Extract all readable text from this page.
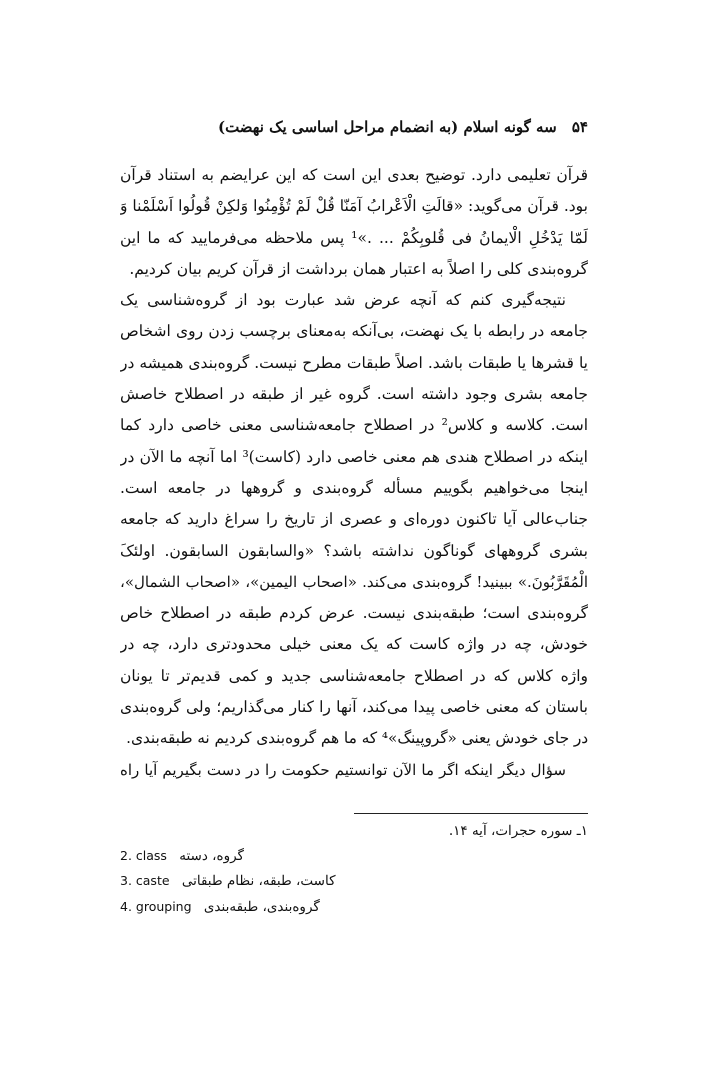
۵۴ سه گونه اسلام (به انضمام مراحل اساسی یک نهضت)
قرآن تعلیمی دارد. توضیح بعدی این است که این عرایضم به استناد قرآن
بود. قرآن می‌گوید: «قالَتِ الْاَعْرابُ آمَنّا قُلْ لَمْ تُؤْمِنُوا وَلکِنْ قُولُوا اَسْلَمْنا وَ
لَمّا یَدْخُلِ الْایمانُ فی قُلوبِکُمْ ... .»¹ پس ملاحظه می‌فرمایید که ما این
گروه‌بندی کلی را اصلاً به اعتبار همان برداشت از قرآن کریم بیان کردیم.
نتیجه‌گیری کنم که آنچه عرض شد عبارت بود از گروه‌شناسی یک
جامعه در رابطه با یک نهضت، بی‌آنکه به‌معنای برچسب زدن روی اشخاص
یا قشرها یا طبقات باشد. اصلاً طبقات مطرح نیست. گروه‌بندی همیشه در
جامعه بشری وجود داشته است. گروه غیر از طبقه در اصطلاح خاصش
است. کلاسه و کلاس² در اصطلاح جامعه‌شناسی معنی خاصی دارد کما
اینکه در اصطلاح هندی هم معنی خاصی دارد (کاست)³ اما آنچه ما الآن در
اینجا می‌خواهیم بگوییم مسأله گروه‌بندی و گروهها در جامعه است.
جناب‌عالی آیا تاکنون دوره‌ای و عصری از تاریخ را سراغ دارید که جامعه
بشری گروههای گوناگون نداشته باشد؟ «والسابقون السابقون. اولئکَ
الْمُقَرَّبُونَ.» ببینید! گروه‌بندی می‌کند. «اصحاب الیمین»، «اصحاب الشمال»،
گروه‌بندی است؛ طبقه‌بندی نیست. عرض کردم طبقه در اصطلاح خاص
خودش، چه در واژه کاست که یک معنی خیلی محدودتری دارد، چه در
واژه کلاس که در اصطلاح جامعه‌شناسی جدید و کمی قدیم‌تر تا یونان
باستان که معنی خاصی پیدا می‌کند، آنها را کنار می‌گذاریم؛ ولی گروه‌بندی
در جای خودش یعنی «گروپینگ»⁴ که ما هم گروه‌بندی کردیم نه طبقه‌بندی.
سؤال دیگر اینکه اگر ما الآن توانستیم حکومت را در دست بگیریم آیا راه
۱ـ سوره حجرات، آیه ۱۴.
2. class گروه، دسته
3. caste کاست، طبقه، نظام طبقاتی
4. grouping گروه‌بندی، طبقه‌بندی
